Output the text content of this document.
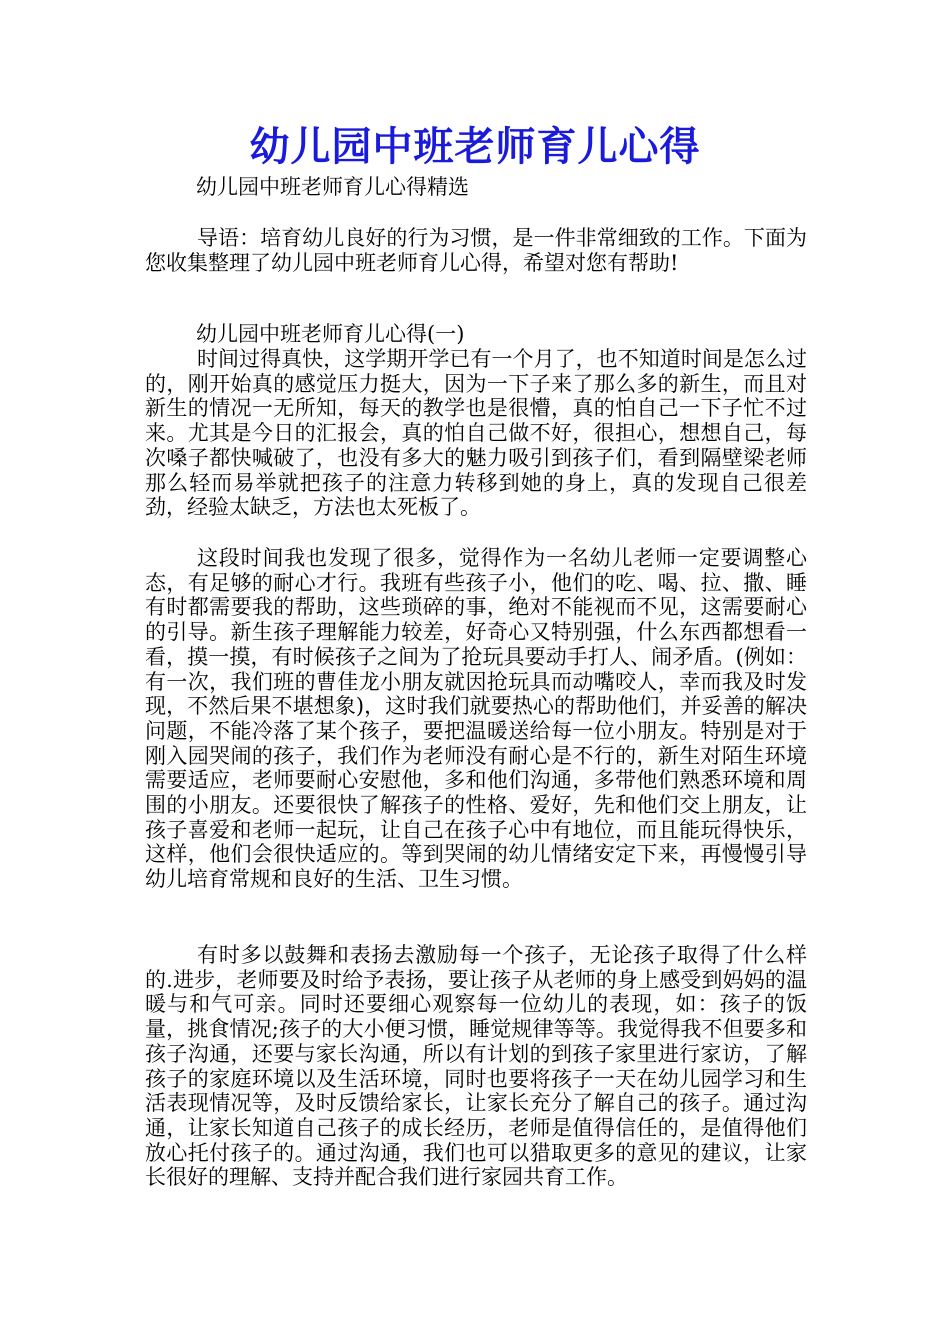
幼儿园中班老师育儿心得

幼儿园中班老师育儿心得精选

导语：培育幼儿良好的行为习惯，是一件非常细致的工作。下面为您收集整理了幼儿园中班老师育儿心得，希望对您有帮助!

幼儿园中班老师育儿心得(一)

时间过得真快，这学期开学已有一个月了，也不知道时间是怎么过的，刚开始真的感觉压力挺大，因为一下子来了那么多的新生，而且对新生的情况一无所知，每天的教学也是很懵，真的怕自己一下子忙不过来。尤其是今日的汇报会，真的怕自己做不好，很担心，想想自己，每次嗓子都快喊破了，也没有多大的魅力吸引到孩子们，看到隔壁梁老师那么轻而易举就把孩子的注意力转移到她的身上，真的发现自己很差劲，经验太缺乏，方法也太死板了。

这段时间我也发现了很多，觉得作为一名幼儿老师一定要调整心态，有足够的耐心才行。我班有些孩子小，他们的吃、喝、拉、撒、睡有时都需要我的帮助，这些琐碎的事，绝对不能视而不见，这需要耐心的引导。新生孩子理解能力较差，好奇心又特别强，什么东西都想看一看，摸一摸，有时候孩子之间为了抢玩具要动手打人、闹矛盾。(例如：有一次，我们班的曹佳龙小朋友就因抢玩具而动嘴咬人，幸而我及时发现，不然后果不堪想象)，这时我们就要热心的帮助他们，并妥善的解决问题，不能冷落了某个孩子，要把温暖送给每一位小朋友。特别是对于刚入园哭闹的孩子，我们作为老师没有耐心是不行的，新生对陌生环境需要适应，老师要耐心安慰他，多和他们沟通，多带他们熟悉环境和周围的小朋友。还要很快了解孩子的性格、爱好，先和他们交上朋友，让孩子喜爱和老师一起玩，让自己在孩子心中有地位，而且能玩得快乐，这样，他们会很快适应的。等到哭闹的幼儿情绪安定下来，再慢慢引导幼儿培育常规和良好的生活、卫生习惯。

有时多以鼓舞和表扬去激励每一个孩子，无论孩子取得了什么样的.进步，老师要及时给予表扬，要让孩子从老师的身上感受到妈妈的温暖与和气可亲。同时还要细心观察每一位幼儿的表现，如：孩子的饭量，挑食情况;孩子的大小便习惯，睡觉规律等等。我觉得我不但要多和孩子沟通，还要与家长沟通，所以有计划的到孩子家里进行家访，了解孩子的家庭环境以及生活环境，同时也要将孩子一天在幼儿园学习和生活表现情况等，及时反馈给家长，让家长充分了解自己的孩子。通过沟通，让家长知道自己孩子的成长经历，老师是值得信任的，是值得他们放心托付孩子的。通过沟通，我们也可以猎取更多的意见的建议，让家长很好的理解、支持并配合我们进行家园共育工作。
